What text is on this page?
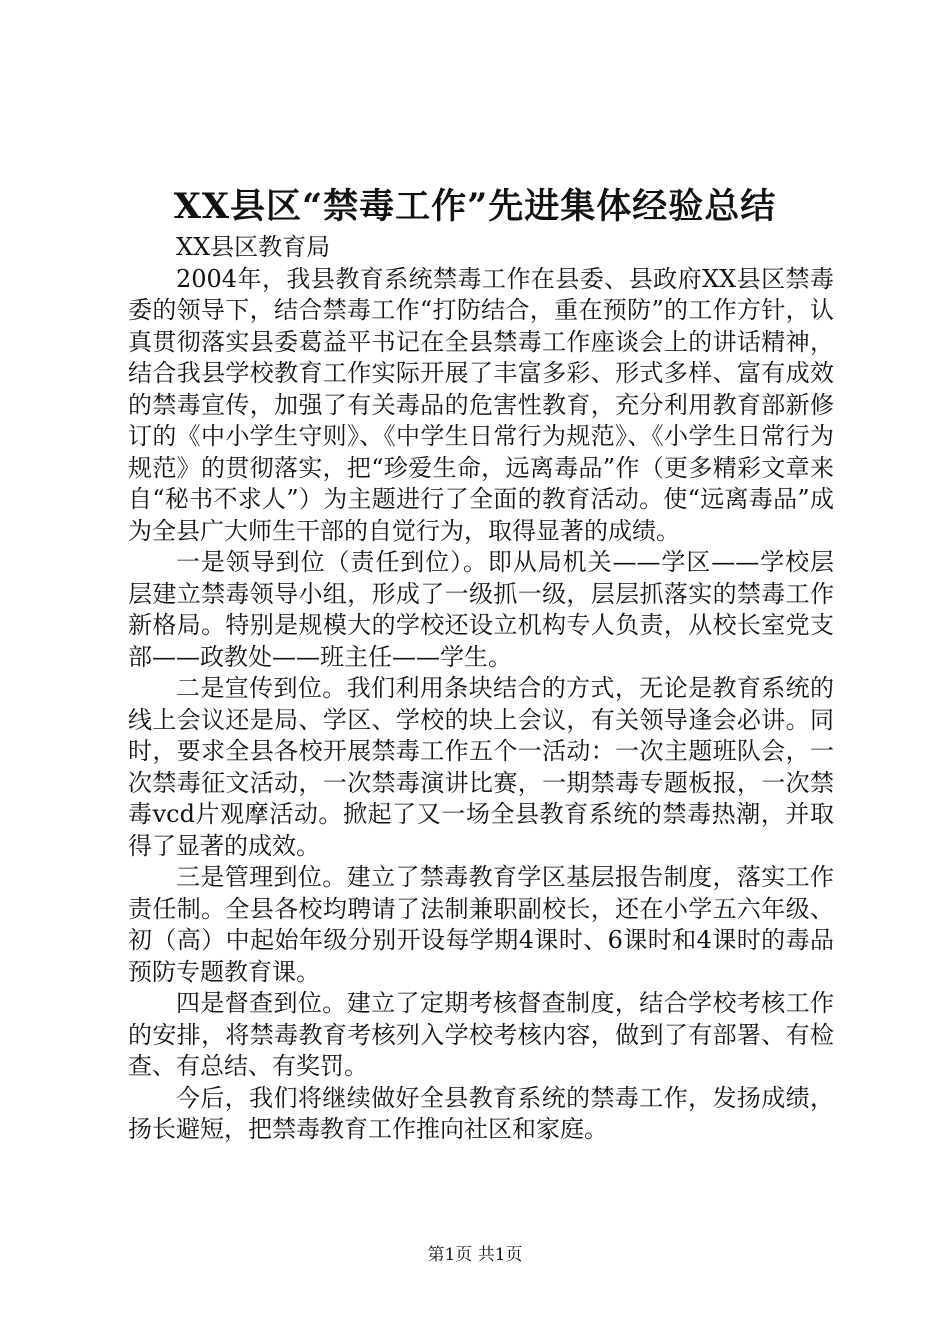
XX县区“禁毒工作”先进集体经验总结

XX县区教育局

2004年，我县教育系统禁毒工作在县委、县政府XX县区禁毒委的领导下，结合禁毒工作“打防结合，重在预防”的工作方针，认真贯彻落实县委葛益平书记在全县禁毒工作座谈会上的讲话精神，结合我县学校教育工作实际开展了丰富多彩、形式多样、富有成效的禁毒宣传，加强了有关毒品的危害性教育，充分利用教育部新修订的《中小学生守则》、《中学生日常行为规范》、《小学生日常行为规范》的贯彻落实，把“珍爱生命，远离毒品”作（更多精彩文章来自“秘书不求人”）为主题进行了全面的教育活动。使“远离毒品”成为全县广大师生干部的自觉行为，取得显著的成绩。

一是领导到位（责任到位）。即从局机关——学区——学校层层建立禁毒领导小组，形成了一级抓一级，层层抓落实的禁毒工作新格局。特别是规模大的学校还设立机构专人负责，从校长室党支部——政教处——班主任——学生。

二是宣传到位。我们利用条块结合的方式，无论是教育系统的线上会议还是局、学区、学校的块上会议，有关领导逢会必讲。同时，要求全县各校开展禁毒工作五个一活动：一次主题班队会，一次禁毒征文活动，一次禁毒演讲比赛，一期禁毒专题板报，一次禁毒vcd片观摩活动。掀起了又一场全县教育系统的禁毒热潮，并取得了显著的成效。

三是管理到位。建立了禁毒教育学区基层报告制度，落实工作责任制。全县各校均聘请了法制兼职副校长，还在小学五六年级、初（高）中起始年级分别开设每学期4课时、6课时和4课时的毒品预防专题教育课。

四是督查到位。建立了定期考核督查制度，结合学校考核工作的安排，将禁毒教育考核列入学校考核内容，做到了有部署、有检查、有总结、有奖罚。

今后，我们将继续做好全县教育系统的禁毒工作，发扬成绩，扬长避短，把禁毒教育工作推向社区和家庭。

第1页 共1页
